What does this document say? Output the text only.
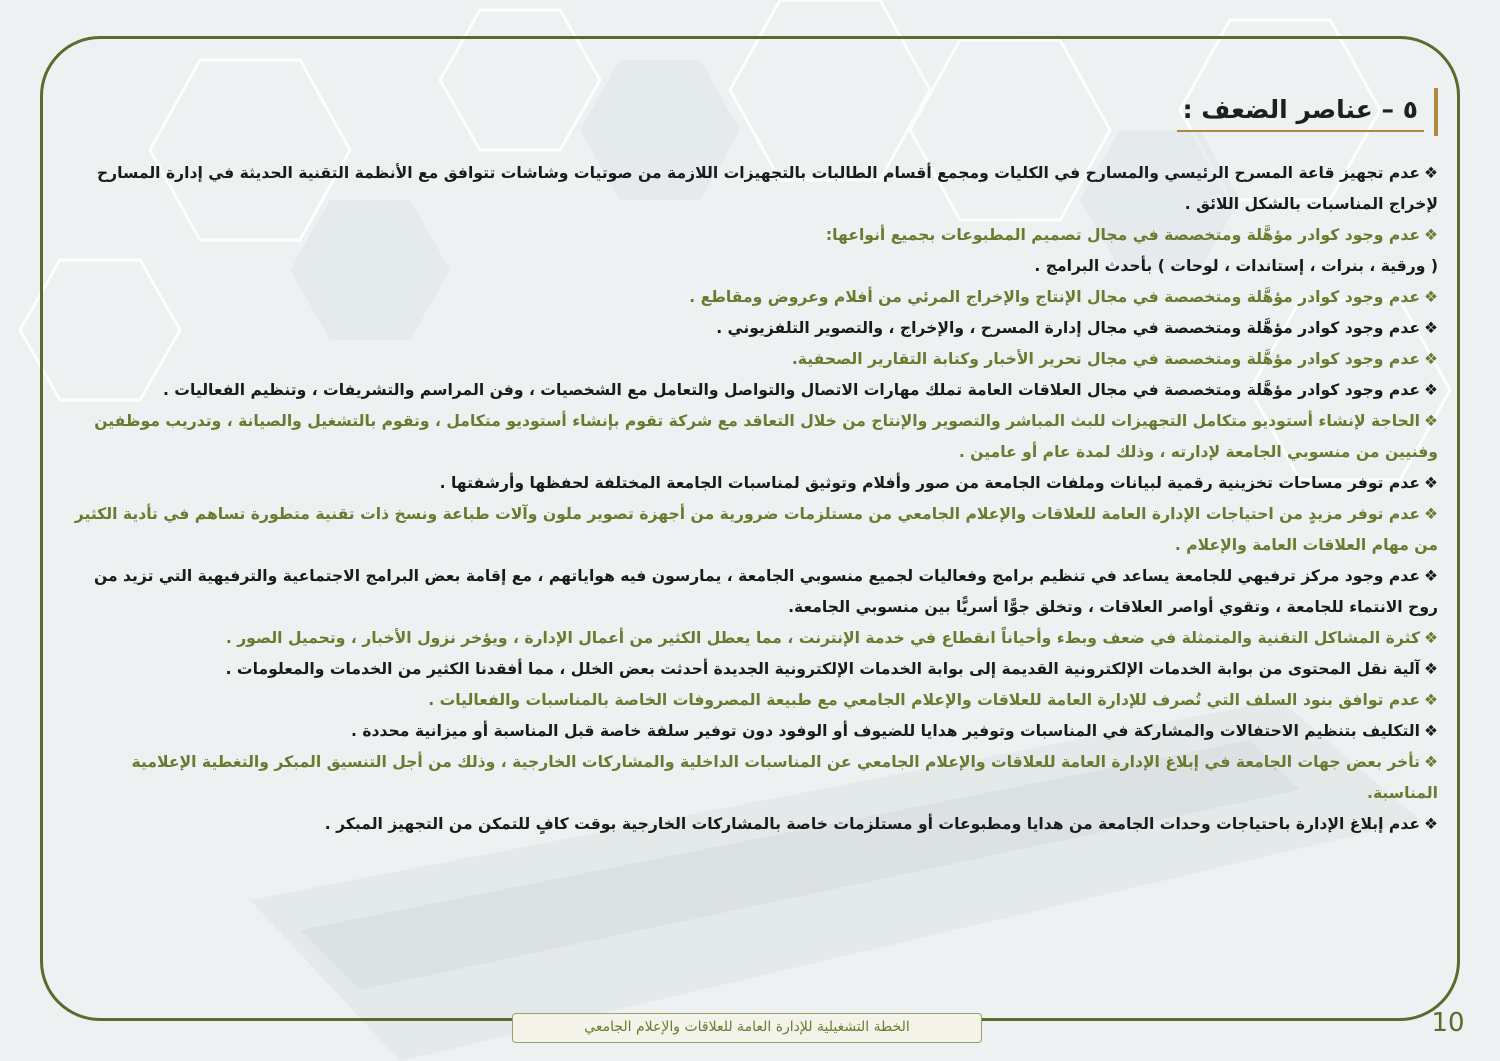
٥ – عناصر الضعف :

❖عدم تجهيز قاعة المسرح الرئيسي والمسارح في الكليات ومجمع أقسام الطالبات بالتجهيزات اللازمة من صوتيات وشاشات تتوافق مع الأنظمة التقنية الحديثة في إدارة المسارح لإخراج المناسبات بالشكل اللائق .

❖عدم وجود كوادر مؤهَّلة ومتخصصة في مجال تصميم المطبوعات بجميع أنواعها:

( ورقية ، بنرات ، إستاندات ، لوحات ) بأحدث البرامج .

❖عدم وجود كوادر مؤهَّلة ومتخصصة في مجال الإنتاج والإخراج المرئي من أفلام وعروض ومقاطع .

❖عدم وجود كوادر مؤهَّلة ومتخصصة في مجال إدارة المسرح ، والإخراج ، والتصوير التلفزيوني .

❖عدم وجود كوادر مؤهَّلة ومتخصصة في مجال تحرير الأخبار وكتابة التقارير الصحفية.

❖عدم وجود كوادر مؤهَّلة ومتخصصة في مجال العلاقات العامة تملك مهارات الاتصال والتواصل والتعامل مع الشخصيات ، وفن المراسم والتشريفات ، وتنظيم الفعاليات .

❖الحاجة لإنشاء أستوديو متكامل التجهيزات للبث المباشر والتصوير والإنتاج من خلال التعاقد مع شركة تقوم بإنشاء أستوديو متكامل ، وتقوم بالتشغيل والصيانة ، وتدريب موظفين وفنيين من منسوبي الجامعة لإدارته ، وذلك لمدة عام أو عامين .

❖عدم توفر مساحات تخزينية رقمية لبيانات وملفات الجامعة من صور وأفلام وتوثيق لمناسبات الجامعة المختلفة لحفظها وأرشفتها .

❖عدم توفر مزيدٍ من احتياجات الإدارة العامة للعلاقات والإعلام الجامعي من مستلزمات ضرورية من أجهزة تصوير ملون وآلات طباعة ونسخ ذات تقنية متطورة تساهم في تأدية الكثير من مهام العلاقات العامة والإعلام .

❖عدم وجود مركز ترفيهي للجامعة يساعد في تنظيم برامج وفعاليات لجميع منسوبي الجامعة ، يمارسون فيه هواياتهم ، مع إقامة بعض البرامج الاجتماعية والترفيهية التي تزيد من روح الانتماء للجامعة ، وتقوي أواصر العلاقات ، وتخلق جوًّا أسريًّا بين منسوبي الجامعة.

❖كثرة المشاكل التقنية والمتمثلة في ضعف وبطء وأحياناً انقطاع في خدمة الإنترنت ، مما يعطل الكثير من أعمال الإدارة ، ويؤخر نزول الأخبار ، وتحميل الصور .

❖آلية نقل المحتوى من بوابة الخدمات الإلكترونية القديمة إلى بوابة الخدمات الإلكترونية الجديدة أحدثت بعض الخلل ، مما أفقدنا الكثير من الخدمات والمعلومات .

❖عدم توافق بنود السلف التي تُصرف للإدارة العامة للعلاقات والإعلام الجامعي مع طبيعة المصروفات الخاصة بالمناسبات والفعاليات .

❖التكليف بتنظيم الاحتفالات والمشاركة في المناسبات وتوفير هدايا للضيوف أو الوفود دون توفير سلفة خاصة قبل المناسبة أو ميزانية محددة .

❖تأخر بعض جهات الجامعة في إبلاغ الإدارة العامة للعلاقات والإعلام الجامعي عن المناسبات الداخلية والمشاركات الخارجية ، وذلك من أجل التنسيق المبكر والتغطية الإعلامية المناسبة.

❖عدم إبلاغ الإدارة باحتياجات وحدات الجامعة من هدايا ومطبوعات أو مستلزمات خاصة بالمشاركات الخارجية بوقت كافٍ للتمكن من التجهيز المبكر .

الخطة التشغيلية للإدارة العامة للعلاقات والإعلام الجامعي	10
